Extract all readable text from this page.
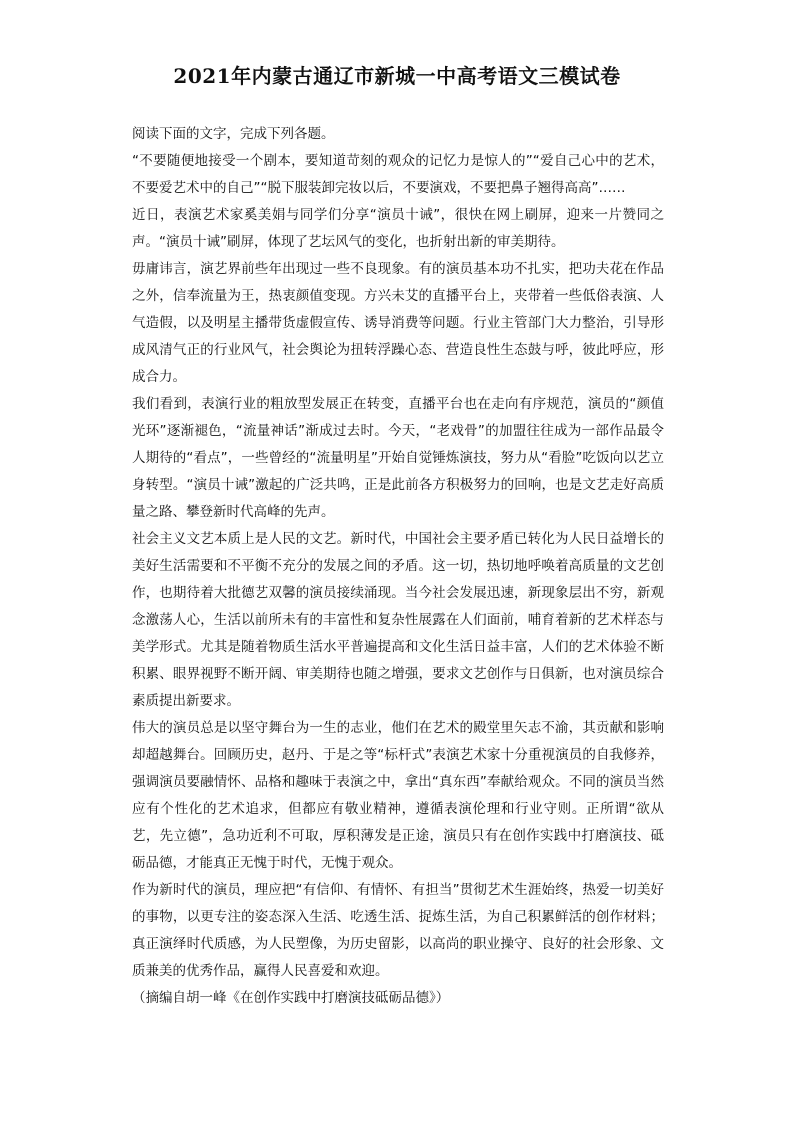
2021年内蒙古通辽市新城一中高考语文三模试卷

阅读下面的文字，完成下列各题。

“不要随便地接受一个剧本，要知道苛刻的观众的记忆力是惊人的”“爱自己心中的艺术，不要爱艺术中的自己”“脱下服装卸完妆以后，不要演戏，不要把鼻子翘得高高”……

近日，表演艺术家奚美娟与同学们分享“演员十诫”，很快在网上刷屏，迎来一片赞同之声。“演员十诫”刷屏，体现了艺坛风气的变化，也折射出新的审美期待。

毋庸讳言，演艺界前些年出现过一些不良现象。有的演员基本功不扎实，把功夫花在作品之外，信奉流量为王，热衷颜值变现。方兴未艾的直播平台上，夹带着一些低俗表演、人气造假，以及明星主播带货虚假宣传、诱导消费等问题。行业主管部门大力整治，引导形成风清气正的行业风气，社会舆论为扭转浮躁心态、营造良性生态鼓与呼，彼此呼应，形成合力。

我们看到，表演行业的粗放型发展正在转变，直播平台也在走向有序规范，演员的“颜值光环”逐渐褪色，“流量神话”渐成过去时。今天，“老戏骨”的加盟往往成为一部作品最令人期待的“看点”，一些曾经的“流量明星”开始自觉锤炼演技，努力从“看脸”吃饭向以艺立身转型。“演员十诫”激起的广泛共鸣，正是此前各方积极努力的回响，也是文艺走好高质量之路、攀登新时代高峰的先声。

社会主义文艺本质上是人民的文艺。新时代，中国社会主要矛盾已转化为人民日益增长的美好生活需要和不平衡不充分的发展之间的矛盾。这一切，热切地呼唤着高质量的文艺创作，也期待着大批德艺双馨的演员接续涌现。当今社会发展迅速，新现象层出不穷，新观念激荡人心，生活以前所未有的丰富性和复杂性展露在人们面前，哺育着新的艺术样态与美学形式。尤其是随着物质生活水平普遍提高和文化生活日益丰富，人们的艺术体验不断积累、眼界视野不断开阔、审美期待也随之增强，要求文艺创作与日俱新，也对演员综合素质提出新要求。

伟大的演员总是以坚守舞台为一生的志业，他们在艺术的殿堂里矢志不渝，其贡献和影响却超越舞台。回顾历史，赵丹、于是之等“标杆式”表演艺术家十分重视演员的自我修养，强调演员要融情怀、品格和趣味于表演之中，拿出“真东西”奉献给观众。不同的演员当然应有个性化的艺术追求，但都应有敬业精神，遵循表演伦理和行业守则。正所谓“欲从艺，先立德”，急功近利不可取，厚积薄发是正途，演员只有在创作实践中打磨演技、砥砺品德，才能真正无愧于时代，无愧于观众。

作为新时代的演员，理应把“有信仰、有情怀、有担当”贯彻艺术生涯始终，热爱一切美好的事物，以更专注的姿态深入生活、吃透生活、捉炼生活，为自己积累鲜活的创作材料；真正演绎时代质感，为人民塑像，为历史留影，以高尚的职业操守、良好的社会形象、文质兼美的优秀作品，赢得人民喜爱和欢迎。

（摘编自胡一峰《在创作实践中打磨演技砥砺品德》）
